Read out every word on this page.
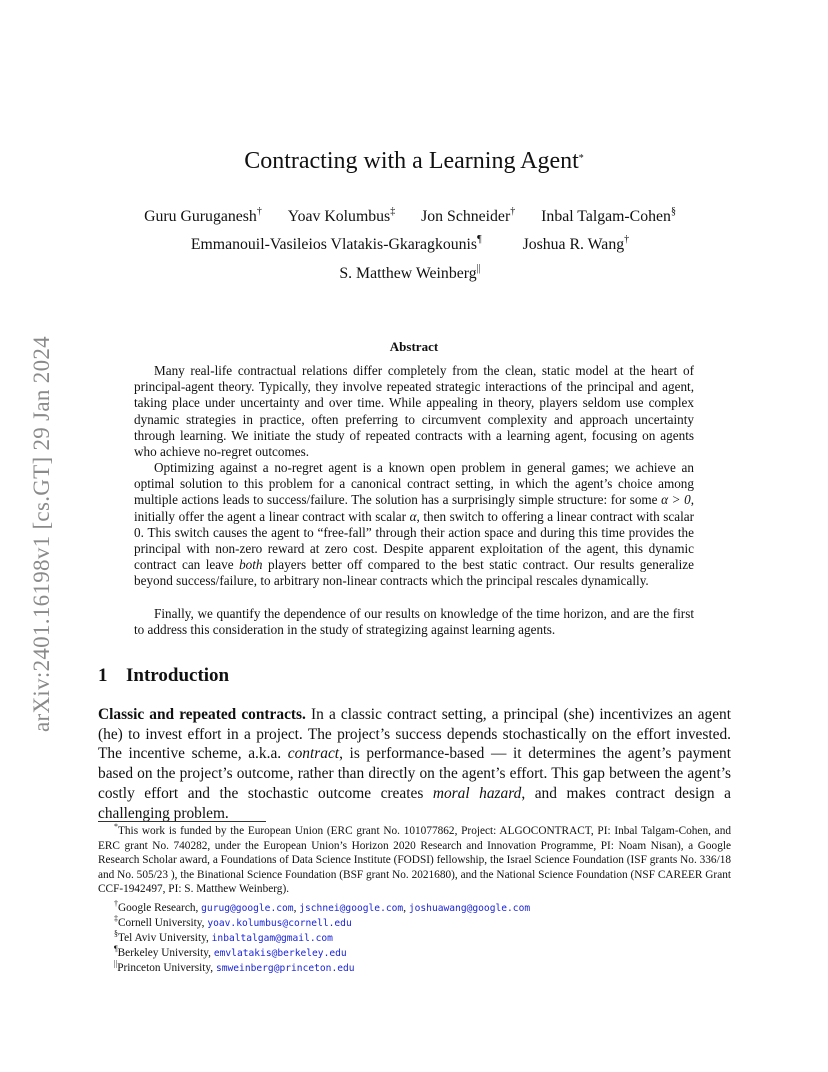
arXiv:2401.16198v1 [cs.GT] 29 Jan 2024
Contracting with a Learning Agent*
Guru Guruganesh† Yoav Kolumbus‡ Jon Schneider† Inbal Talgam-Cohen§
Emmanouil-Vasileios Vlatakis-Gkaragkounis¶	Joshua R. Wang†
S. Matthew Weinberg||
Abstract
Many real-life contractual relations differ completely from the clean, static model at the heart of principal-agent theory. Typically, they involve repeated strategic interactions of the principal and agent, taking place under uncertainty and over time. While appealing in theory, players seldom use complex dynamic strategies in practice, often preferring to circumvent complexity and approach uncertainty through learning. We initiate the study of repeated contracts with a learning agent, focusing on agents who achieve no-regret outcomes.
Optimizing against a no-regret agent is a known open problem in general games; we achieve an optimal solution to this problem for a canonical contract setting, in which the agent’s choice among multiple actions leads to success/failure. The solution has a surprisingly simple structure: for some α > 0, initially offer the agent a linear contract with scalar α, then switch to offering a linear contract with scalar 0. This switch causes the agent to “free-fall” through their action space and during this time provides the principal with non-zero reward at zero cost. Despite apparent exploitation of the agent, this dynamic contract can leave both players better off compared to the best static contract. Our results generalize beyond success/failure, to arbitrary non-linear contracts which the principal rescales dynamically.
Finally, we quantify the dependence of our results on knowledge of the time horizon, and are the first to address this consideration in the study of strategizing against learning agents.
1 Introduction
Classic and repeated contracts. In a classic contract setting, a principal (she) incentivizes an agent (he) to invest effort in a project. The project’s success depends stochastically on the effort invested. The incentive scheme, a.k.a. contract, is performance-based — it determines the agent’s payment based on the project’s outcome, rather than directly on the agent’s effort. This gap between the agent’s costly effort and the stochastic outcome creates moral hazard, and makes contract design a challenging problem.
*This work is funded by the European Union (ERC grant No. 101077862, Project: ALGOCONTRACT, PI: Inbal Talgam-Cohen, and ERC grant No. 740282, under the European Union’s Horizon 2020 Research and Innovation Programme, PI: Noam Nisan), a Google Research Scholar award, a Foundations of Data Science Institute (FODSI) fellowship, the Israel Science Foundation (ISF grants No. 336/18 and No. 505/23 ), the Binational Science Foundation (BSF grant No. 2021680), and the National Science Foundation (NSF CAREER Grant CCF-1942497, PI: S. Matthew Weinberg).
†Google Research, gurug@google.com, jschnei@google.com, joshuawang@google.com
‡Cornell University, yoav.kolumbus@cornell.edu
§Tel Aviv University, inbaltalgam@gmail.com
¶Berkeley University, emvlatakis@berkeley.edu
||Princeton University, smweinberg@princeton.edu
